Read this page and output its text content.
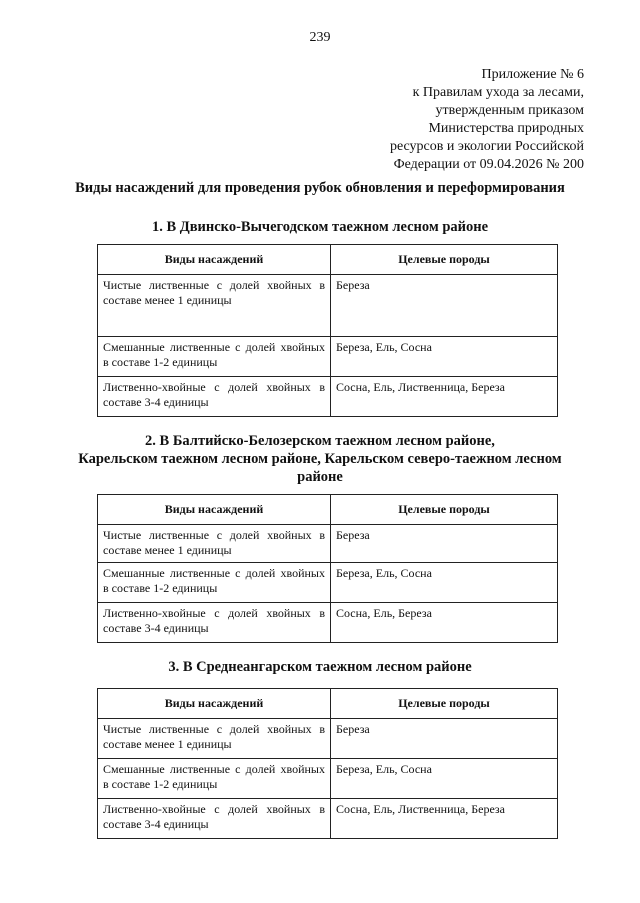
239
Приложение № 6
к Правилам ухода за лесами,
утвержденным приказом
Министерства природных
ресурсов и экологии Российской
Федерации от 09.04.2026 № 200
Виды насаждений для проведения рубок обновления и переформирования
1. В Двинско-Вычегодском таежном лесном районе
Виды насаждений	Целевые породы
Чистые лиственные с долей хвойных в составе менее 1 единицы	Береза
Смешанные лиственные с долей хвойных в составе 1-2 единицы	Береза, Ель, Сосна
Лиственно-хвойные с долей хвойных в составе 3-4 единицы	Сосна, Ель, Лиственница, Береза
2. В Балтийско-Белозерском таежном лесном районе,
Карельском таежном лесном районе, Карельском северо-таежном лесном
районе
Виды насаждений	Целевые породы
Чистые лиственные с долей хвойных в составе менее 1 единицы	Береза
Смешанные лиственные с долей хвойных в составе 1-2 единицы	Береза, Ель, Сосна
Лиственно-хвойные с долей хвойных в составе 3-4 единицы	Сосна, Ель, Береза
3. В Среднеангарском таежном лесном районе
Виды насаждений	Целевые породы
Чистые лиственные с долей хвойных в составе менее 1 единицы	Береза
Смешанные лиственные с долей хвойных в составе 1-2 единицы	Береза, Ель, Сосна
Лиственно-хвойные с долей хвойных в составе 3-4 единицы	Сосна, Ель, Лиственница, Береза
